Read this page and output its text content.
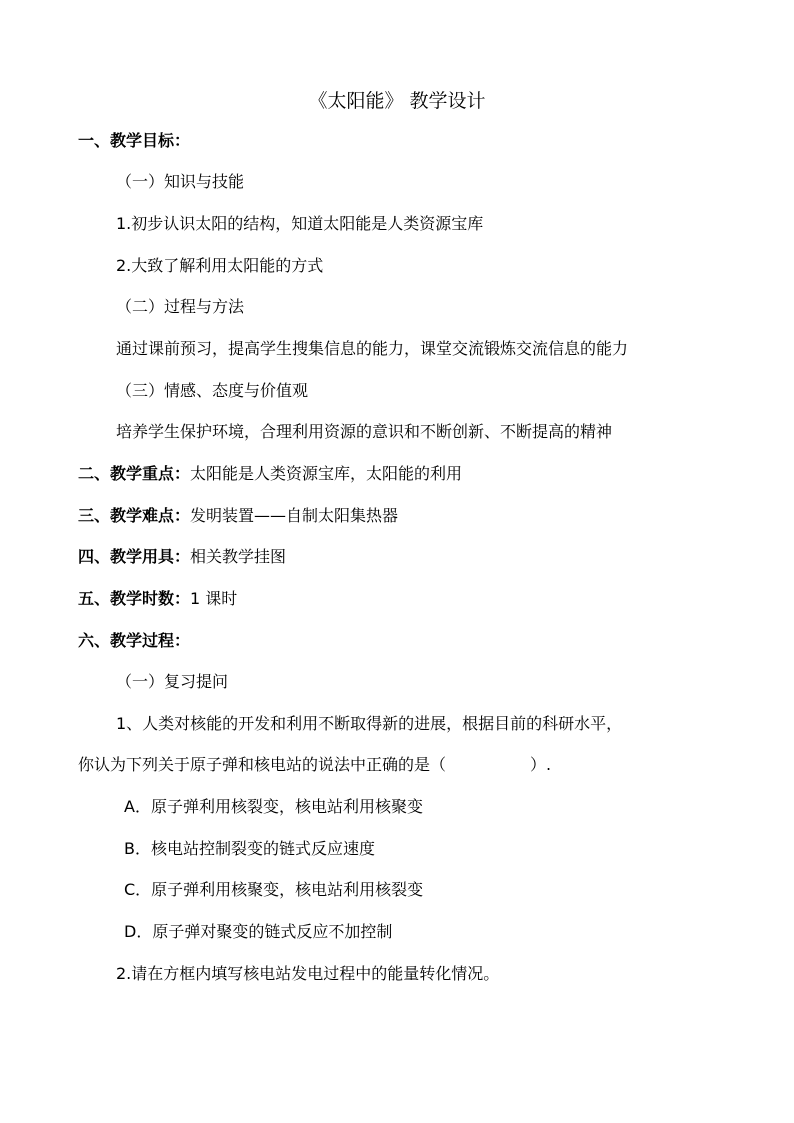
《太阳能》 教学设计
一、教学目标：
（一）知识与技能
1.初步认识太阳的结构，知道太阳能是人类资源宝库
2.大致了解利用太阳能的方式
（二）过程与方法
通过课前预习，提高学生搜集信息的能力，课堂交流锻炼交流信息的能力
（三）情感、态度与价值观
培养学生保护环境，合理利用资源的意识和不断创新、不断提高的精神
二、教学重点：太阳能是人类资源宝库，太阳能的利用
三、教学难点：发明装置——自制太阳集热器
四、教学用具：相关教学挂图
五、教学时数：1 课时
六、教学过程：
（一）复习提问
1、人类对核能的开发和利用不断取得新的进展，根据目前的科研水平，
你认为下列关于原子弹和核电站的说法中正确的是（	）.
A．原子弹利用核裂变，核电站利用核聚变
B．核电站控制裂变的链式反应速度
C．原子弹利用核聚变，核电站利用核裂变
D．原子弹对聚变的链式反应不加控制
2.请在方框内填写核电站发电过程中的能量转化情况。
